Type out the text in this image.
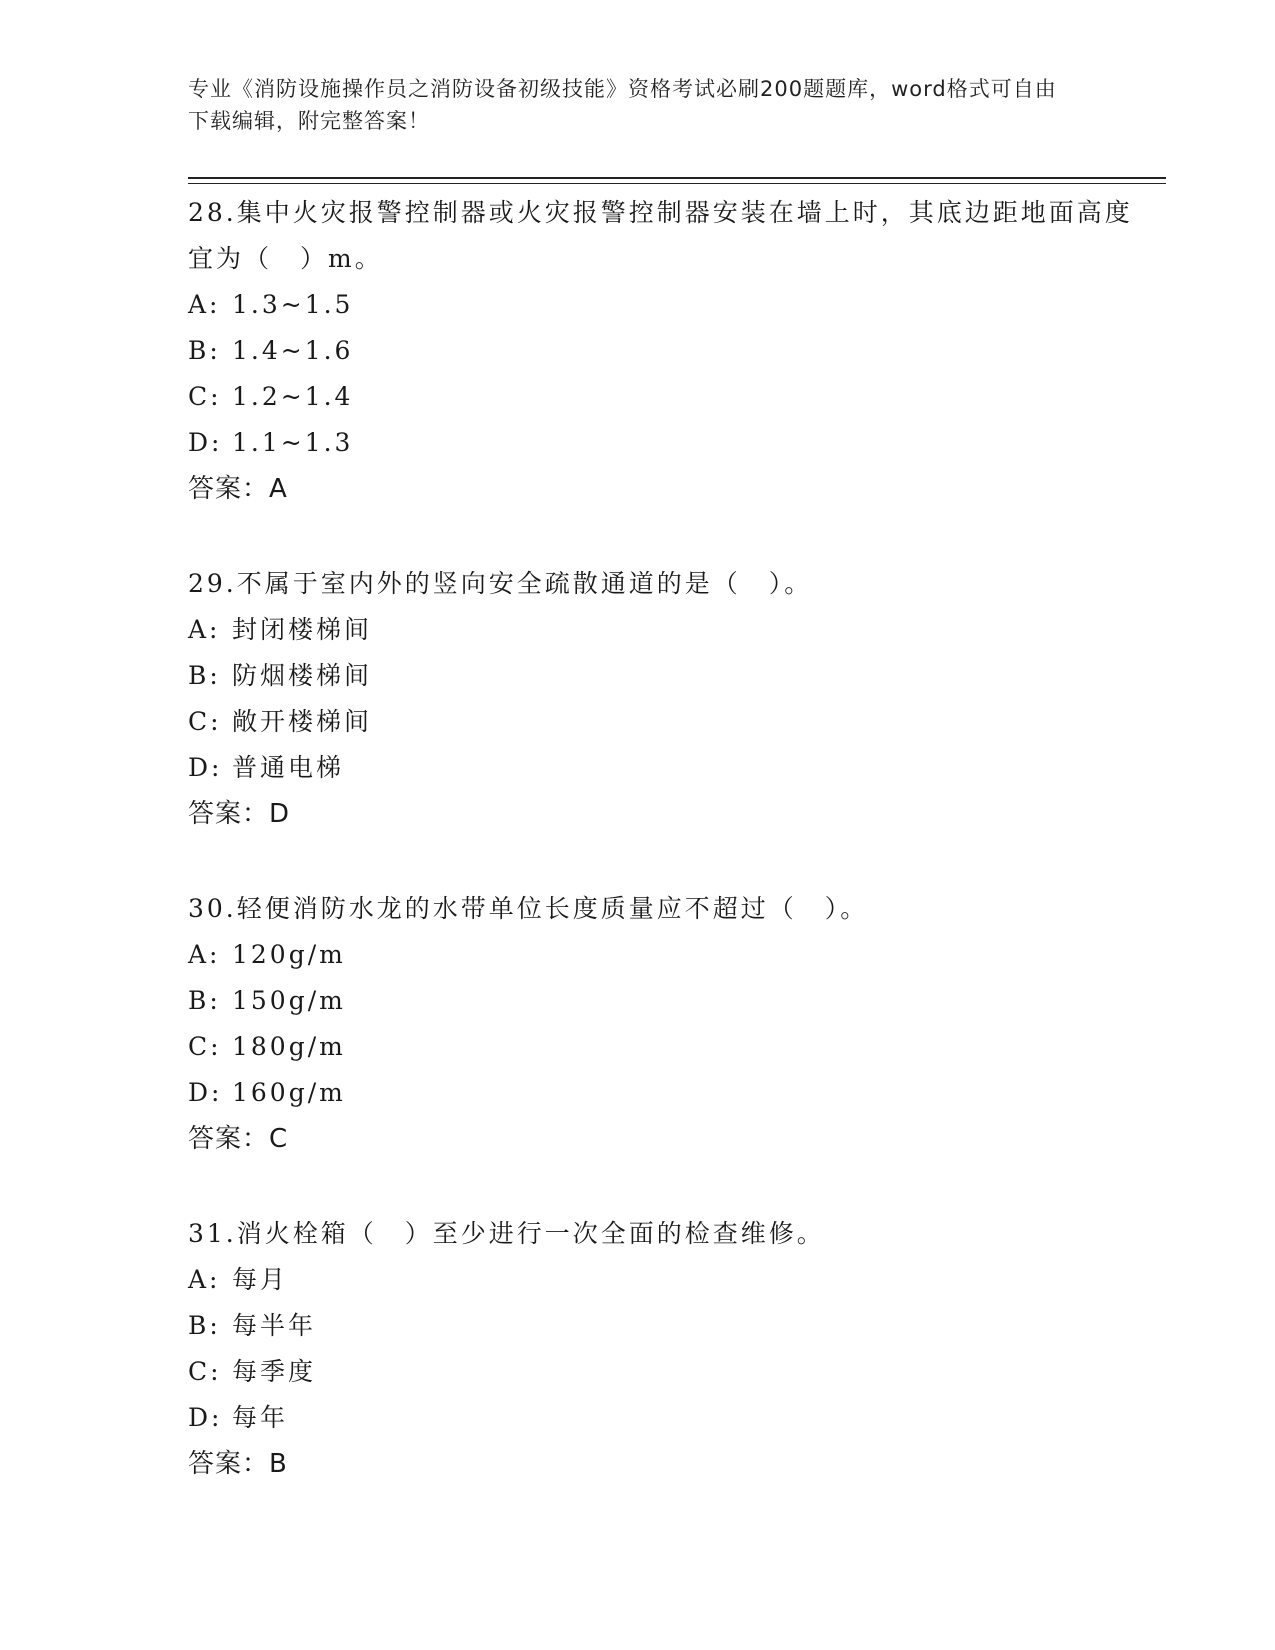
专业《消防设施操作员之消防设备初级技能》资格考试必刷200题题库，word格式可自由下载编辑，附完整答案！

28.集中火灾报警控制器或火灾报警控制器安装在墙上时，其底边距地面高度宜为（　）m。

A: 1.3~1.5

B: 1.4~1.6

C: 1.2~1.4

D: 1.1~1.3

答案：A

29.不属于室内外的竖向安全疏散通道的是（　）。

A: 封闭楼梯间

B: 防烟楼梯间

C: 敞开楼梯间

D: 普通电梯

答案：D

30.轻便消防水龙的水带单位长度质量应不超过（　）。

A: 120g/m

B: 150g/m

C: 180g/m

D: 160g/m

答案：C

31.消火栓箱（　）至少进行一次全面的检查维修。

A: 每月

B: 每半年

C: 每季度

D: 每年

答案：B
